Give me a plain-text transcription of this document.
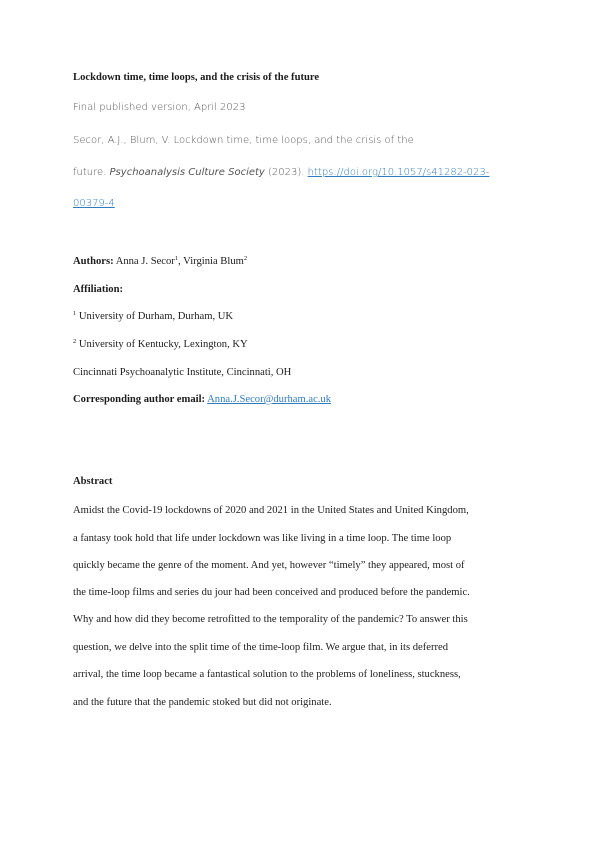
Lockdown time, time loops, and the crisis of the future
Final published version, April 2023
Secor, A.J., Blum, V. Lockdown time, time loops, and the crisis of the
future. Psychoanalysis Culture Society (2023). https://doi.org/10.1057/s41282-023-
00379-4
Authors: Anna J. Secor$^1$, Virginia Blum$^2$
Affiliation:
$^1$ University of Durham, Durham, UK
$^2$ University of Kentucky, Lexington, KY
Cincinnati Psychoanalytic Institute, Cincinnati, OH
Corresponding author email: Anna.J.Secor@durham.ac.uk
Abstract
Amidst the Covid-19 lockdowns of 2020 and 2021 in the United States and United Kingdom,
a fantasy took hold that life under lockdown was like living in a time loop. The time loop
quickly became the genre of the moment. And yet, however “timely” they appeared, most of
the time-loop films and series du jour had been conceived and produced before the pandemic.
Why and how did they become retrofitted to the temporality of the pandemic? To answer this
question, we delve into the split time of the time-loop film. We argue that, in its deferred
arrival, the time loop became a fantastical solution to the problems of loneliness, stuckness,
and the future that the pandemic stoked but did not originate.
